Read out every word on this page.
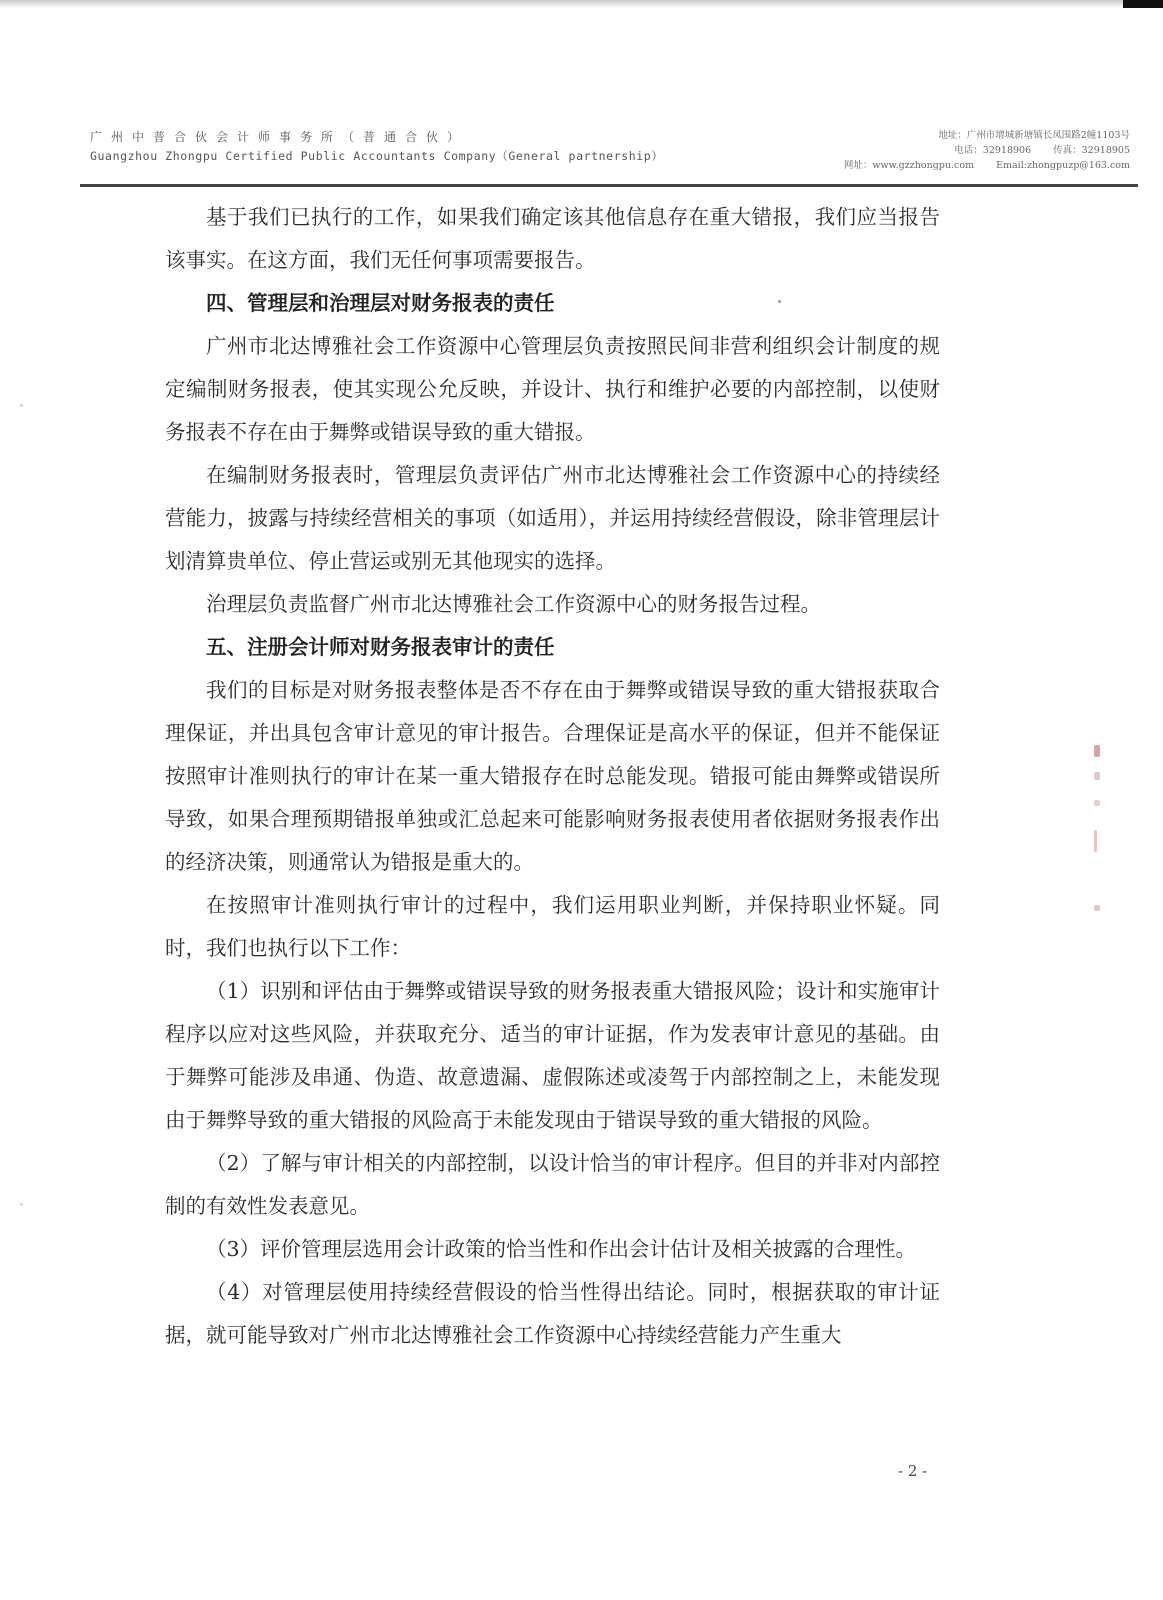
广州中普合伙会计师事务所（普通合伙）
Guangzhou Zhongpu Certified Public Accountants Company（General partnership）
地址：广州市增城新塘镇长凤围路2幢1103号
电话：32918906 传真：32918905
网址：www.gzzhongpu.com Email:zhongpuzp@163.com

基于我们已执行的工作，如果我们确定该其他信息存在重大错报，我们应当报告该事实。在这方面，我们无任何事项需要报告。

四、管理层和治理层对财务报表的责任

广州市北达博雅社会工作资源中心管理层负责按照民间非营利组织会计制度的规定编制财务报表，使其实现公允反映，并设计、执行和维护必要的内部控制，以使财务报表不存在由于舞弊或错误导致的重大错报。

在编制财务报表时，管理层负责评估广州市北达博雅社会工作资源中心的持续经营能力，披露与持续经营相关的事项（如适用），并运用持续经营假设，除非管理层计划清算贵单位、停止营运或别无其他现实的选择。

治理层负责监督广州市北达博雅社会工作资源中心的财务报告过程。

五、注册会计师对财务报表审计的责任

我们的目标是对财务报表整体是否不存在由于舞弊或错误导致的重大错报获取合理保证，并出具包含审计意见的审计报告。合理保证是高水平的保证，但并不能保证按照审计准则执行的审计在某一重大错报存在时总能发现。错报可能由舞弊或错误所导致，如果合理预期错报单独或汇总起来可能影响财务报表使用者依据财务报表作出的经济决策，则通常认为错报是重大的。

在按照审计准则执行审计的过程中，我们运用职业判断，并保持职业怀疑。同时，我们也执行以下工作：

（1）识别和评估由于舞弊或错误导致的财务报表重大错报风险；设计和实施审计程序以应对这些风险，并获取充分、适当的审计证据，作为发表审计意见的基础。由于舞弊可能涉及串通、伪造、故意遗漏、虚假陈述或凌驾于内部控制之上，未能发现由于舞弊导致的重大错报的风险高于未能发现由于错误导致的重大错报的风险。

（2）了解与审计相关的内部控制，以设计恰当的审计程序。但目的并非对内部控制的有效性发表意见。

（3）评价管理层选用会计政策的恰当性和作出会计估计及相关披露的合理性。

（4）对管理层使用持续经营假设的恰当性得出结论。同时，根据获取的审计证据，就可能导致对广州市北达博雅社会工作资源中心持续经营能力产生重大

- 2 -
